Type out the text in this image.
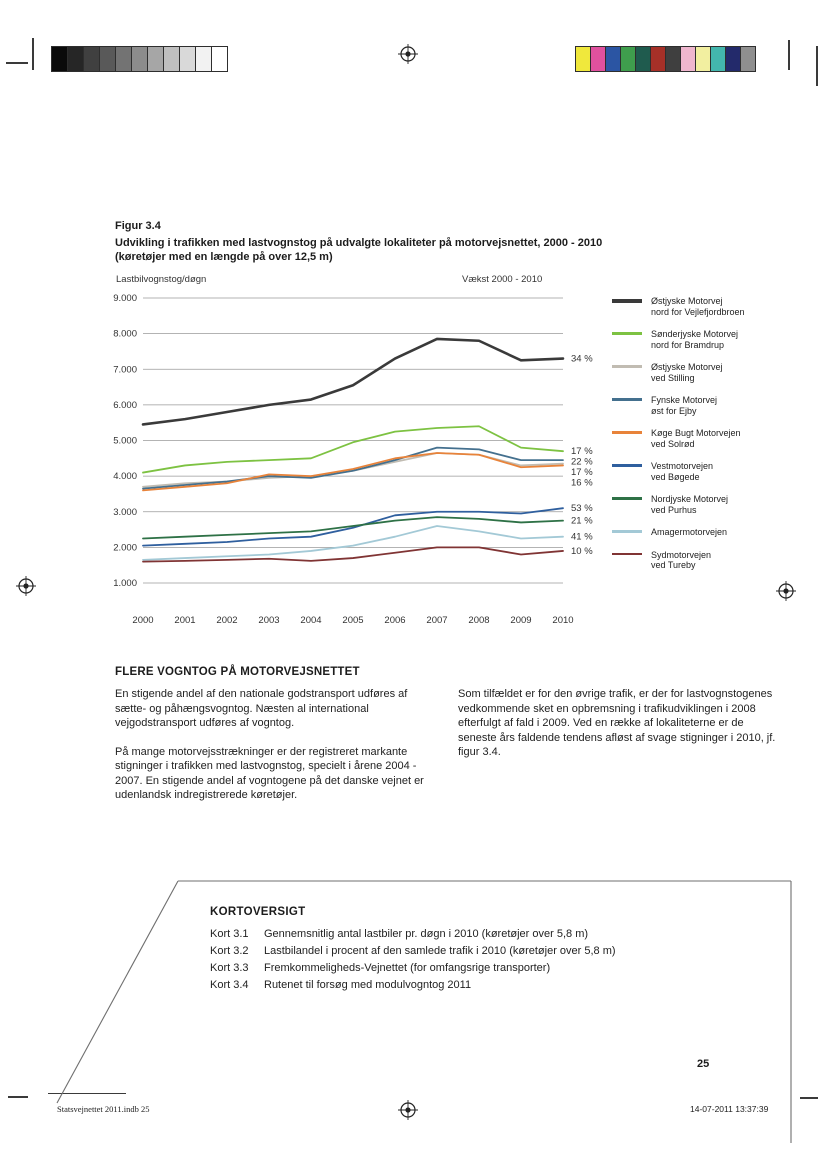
Figur 3.4
Udvikling i trafikken med lastvognstog på udvalgte lokaliteter på motorvejsnettet, 2000 - 2010
(køretøjer med en længde på over 12,5 m)
Lastbilvognstog/døgn	Vækst 2000 - 2010
1.000
2.000
3.000
4.000
5.000
6.000
7.000
8.000
9.000
2000 2001 2002 2003 2004 2005 2006 2007 2008 2009 2010
34 %
17 %
22 %
17 %
16 %
53 %
21 %
41 %
10 %
Østjyske Motorvej
nord for Vejlefjordbroen
Sønderjyske Motorvej
nord for Bramdrup
Østjyske Motorvej
ved Stilling
Fynske Motorvej
øst for Ejby
Køge Bugt Motorvejen
ved Solrød
Vestmotorvejen
ved Bøgede
Nordjyske Motorvej
ved Purhus
Amagermotorvejen
Sydmotorvejen
ved Tureby
FLERE VOGNTOG PÅ MOTORVEJSNETTET

En stigende andel af den nationale godstransport udføres af sætte- og påhængsvogntog. Næsten al international vejgodstransport udføres af vogntog.

På mange motorvejsstrækninger er der registreret markante stigninger i trafikken med lastvognstog, specielt i årene 2004 - 2007. En stigende andel af vogntogene på det danske vejnet er udenlandsk indregistrerede køretøjer.

Som tilfældet er for den øvrige trafik, er der for lastvognstogenes vedkommende sket en opbremsning i trafikudviklingen i 2008 efterfulgt af fald i 2009. Ved en række af lokaliteterne er de seneste års faldende tendens afløst af svage stigninger i 2010, jf. figur 3.4.

KORTOVERSIGT
Kort 3.1	Gennemsnitlig antal lastbiler pr. døgn i 2010 (køretøjer over 5,8 m)
Kort 3.2	Lastbilandel i procent af den samlede trafik i 2010 (køretøjer over 5,8 m)
Kort 3.3	Fremkommeligheds-Vejnettet (for omfangsrige transporter)
Kort 3.4	Rutenet til forsøg med modulvogntog 2011
25
Statsvejnettet 2011.indb 25	14-07-2011 13:37:39
